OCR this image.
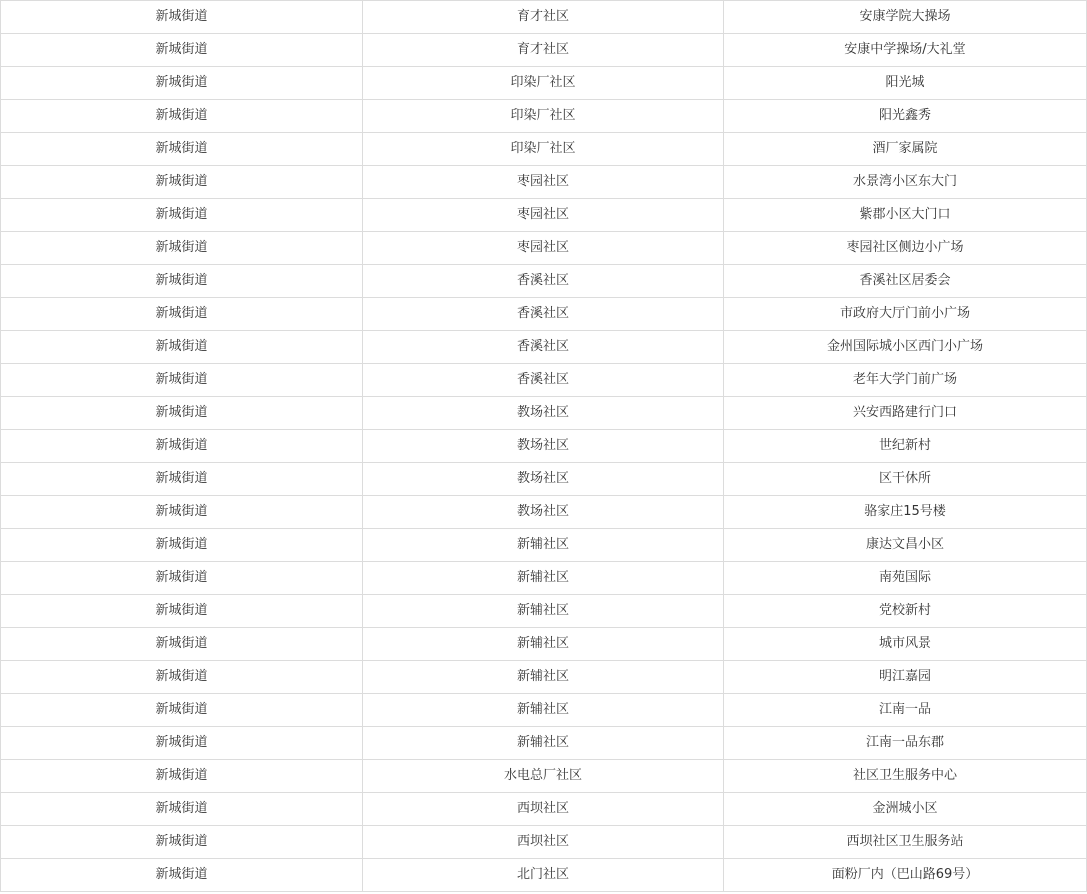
新城街道	育才社区	安康学院大操场
新城街道	育才社区	安康中学操场/大礼堂
新城街道	印染厂社区	阳光城
新城街道	印染厂社区	阳光鑫秀
新城街道	印染厂社区	酒厂家属院
新城街道	枣园社区	水景湾小区东大门
新城街道	枣园社区	紫郡小区大门口
新城街道	枣园社区	枣园社区侧边小广场
新城街道	香溪社区	香溪社区居委会
新城街道	香溪社区	市政府大厅门前小广场
新城街道	香溪社区	金州国际城小区西门小广场
新城街道	香溪社区	老年大学门前广场
新城街道	教场社区	兴安西路建行门口
新城街道	教场社区	世纪新村
新城街道	教场社区	区干休所
新城街道	教场社区	骆家庄15号楼
新城街道	新辅社区	康达文昌小区
新城街道	新辅社区	南苑国际
新城街道	新辅社区	党校新村
新城街道	新辅社区	城市风景
新城街道	新辅社区	明江嘉园
新城街道	新辅社区	江南一品
新城街道	新辅社区	江南一品东郡
新城街道	水电总厂社区	社区卫生服务中心
新城街道	西坝社区	金洲城小区
新城街道	西坝社区	西坝社区卫生服务站
新城街道	北门社区	面粉厂内（巴山路69号）
